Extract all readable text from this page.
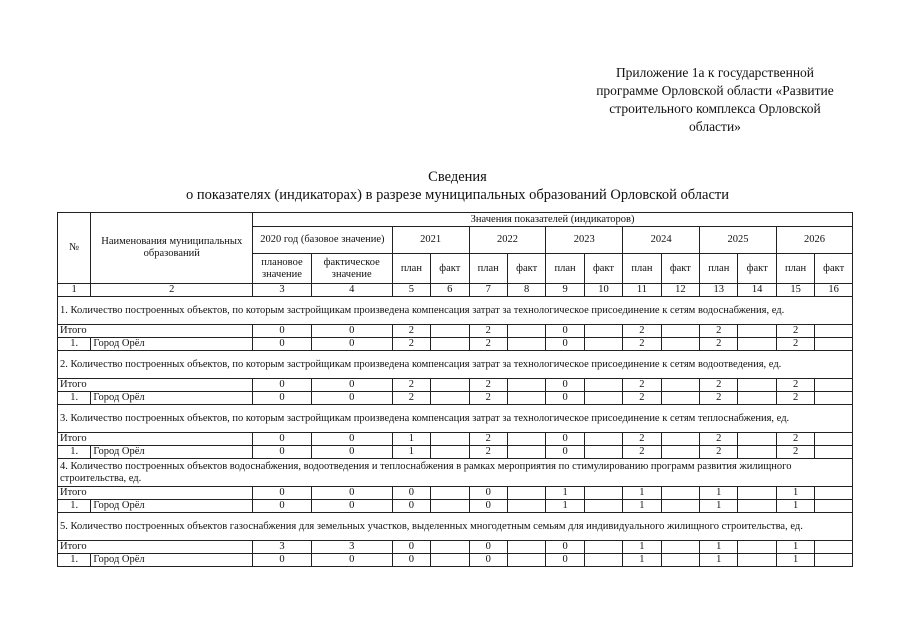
Приложение 1а к государственной
программе Орловской области «Развитие
строительного комплекса Орловской
области»
Сведения
о показателях (индикаторах) в разрезе муниципальных образований Орловской области
№	Наименования муниципальных образований	Значения показателей (индикаторов)													
		2020 год (базовое значение)		2021		2022		2023		2024		2025		2026	
		плановое значение	фактическое значение	план	факт	план	факт	план	факт	план	факт	план	факт	план	факт
1	2	3	4	5	6	7	8	9	10	11	12	13	14	15	16
1. Количество построенных объектов, по которым застройщикам произведена компенсация затрат за технологическое присоединение к сетям водоснабжения, ед.															
Итого		0	0	2		2		0		2		2		2	
1.	Город Орёл	0	0	2		2		0		2		2		2	
2. Количество построенных объектов, по которым застройщикам произведена компенсация затрат за технологическое присоединение к сетям водоотведения, ед.															
Итого		0	0	2		2		0		2		2		2	
1.	Город Орёл	0	0	2		2		0		2		2		2	
3. Количество построенных объектов, по которым застройщикам произведена компенсация затрат за технологическое присоединение к сетям теплоснабжения, ед.															
Итого		0	0	1		2		0		2		2		2	
1.	Город Орёл	0	0	1		2		0		2		2		2	
4. Количество построенных объектов водоснабжения, водоотведения и теплоснабжения в рамках мероприятия по стимулированию программ развития жилищного строительства, ед.															
Итого		0	0	0		0		1		1		1		1	
1.	Город Орёл	0	0	0		0		1		1		1		1	
5. Количество построенных объектов газоснабжения для земельных участков, выделенных многодетным семьям для индивидуального жилищного строительства, ед.															
Итого		3	3	0		0		0		1		1		1	
1.	Город Орёл	0	0	0		0		0		1		1		1	
